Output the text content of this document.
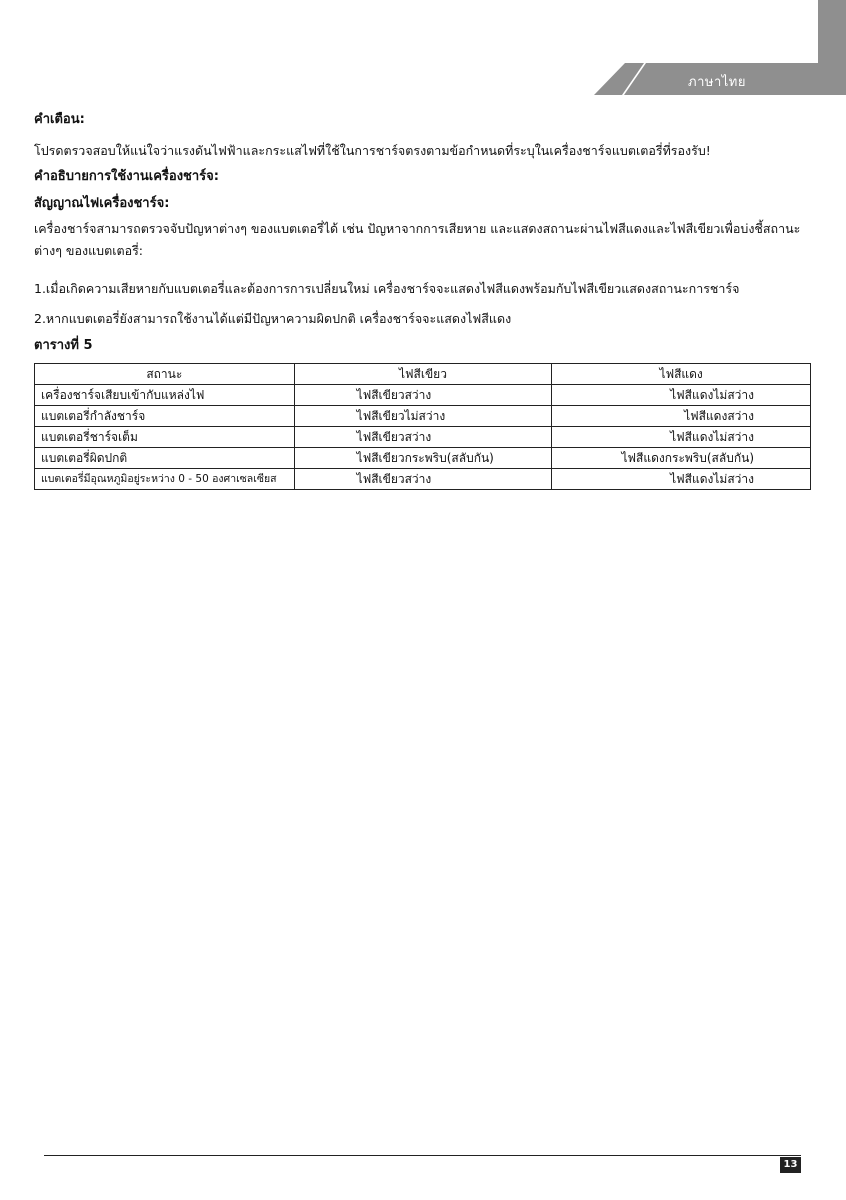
ภาษาไทย

คำเตือน:

โปรดตรวจสอบให้แน่ใจว่าแรงดันไฟฟ้าและกระแสไฟที่ใช้ในการชาร์จตรงตามข้อกำหนดที่ระบุในเครื่องชาร์จแบตเตอรี่ที่รองรับ!

คำอธิบายการใช้งานเครื่องชาร์จ:

สัญญาณไฟเครื่องชาร์จ:

เครื่องชาร์จสามารถตรวจจับปัญหาต่างๆ ของแบตเตอรี่ได้ เช่น ปัญหาจากการเสียหาย และแสดงสถานะผ่านไฟสีแดงและไฟสีเขียวเพื่อบ่งชี้สถานะต่างๆ ของแบตเตอรี่:

1.เมื่อเกิดความเสียหายกับแบตเตอรี่และต้องการการเปลี่ยนใหม่ เครื่องชาร์จจะแสดงไฟสีแดงพร้อมกับไฟสีเขียวแสดงสถานะการชาร์จ

2.หากแบตเตอรี่ยังสามารถใช้งานได้แต่มีปัญหาความผิดปกติ เครื่องชาร์จจะแสดงไฟสีแดง

ตารางที่ 5

สถานะ	ไฟสีเขียว	ไฟสีแดง
เครื่องชาร์จเสียบเข้ากับแหล่งไฟ	ไฟสีเขียวสว่าง	ไฟสีแดงไม่สว่าง
แบตเตอรี่กำลังชาร์จ	ไฟสีเขียวไม่สว่าง	ไฟสีแดงสว่าง
แบตเตอรี่ชาร์จเต็ม	ไฟสีเขียวสว่าง	ไฟสีแดงไม่สว่าง
แบตเตอรี่ผิดปกติ	ไฟสีเขียวกระพริบ(สลับกัน)	ไฟสีแดงกระพริบ(สลับกัน)
แบตเตอรี่มีอุณหภูมิอยู่ระหว่าง 0 - 50 องศาเซลเซียส	ไฟสีเขียวสว่าง	ไฟสีแดงไม่สว่าง
13
